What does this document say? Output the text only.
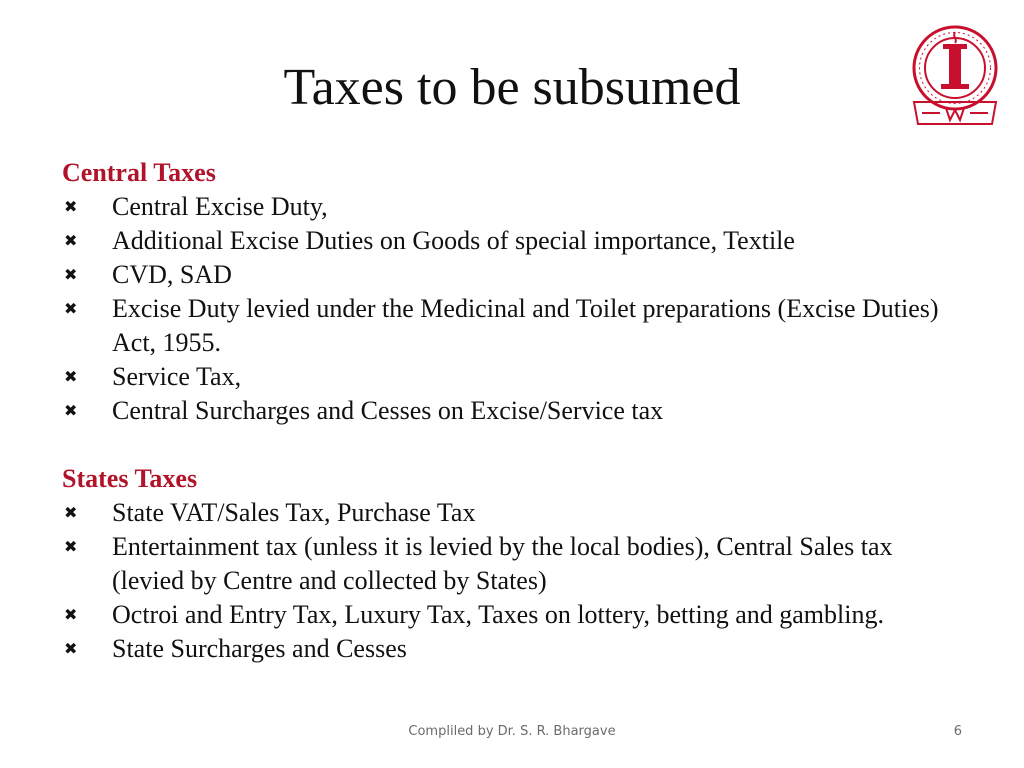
Taxes to be subsumed
Central Taxes
✖ Central Excise Duty,
✖ Additional Excise Duties on Goods of special importance, Textile
✖ CVD, SAD
✖ Excise Duty levied under the Medicinal and Toilet preparations (Excise Duties) Act, 1955.
✖ Service Tax,
✖ Central Surcharges and Cesses on Excise/Service tax
States Taxes
✖ State VAT/Sales Tax, Purchase Tax
✖ Entertainment tax (unless it is levied by the local bodies), Central Sales tax (levied by Centre and collected by States)
✖ Octroi and Entry Tax, Luxury Tax, Taxes on lottery, betting and gambling.
✖ State Surcharges and Cesses
Compliled by Dr. S. R. Bhargave	6
